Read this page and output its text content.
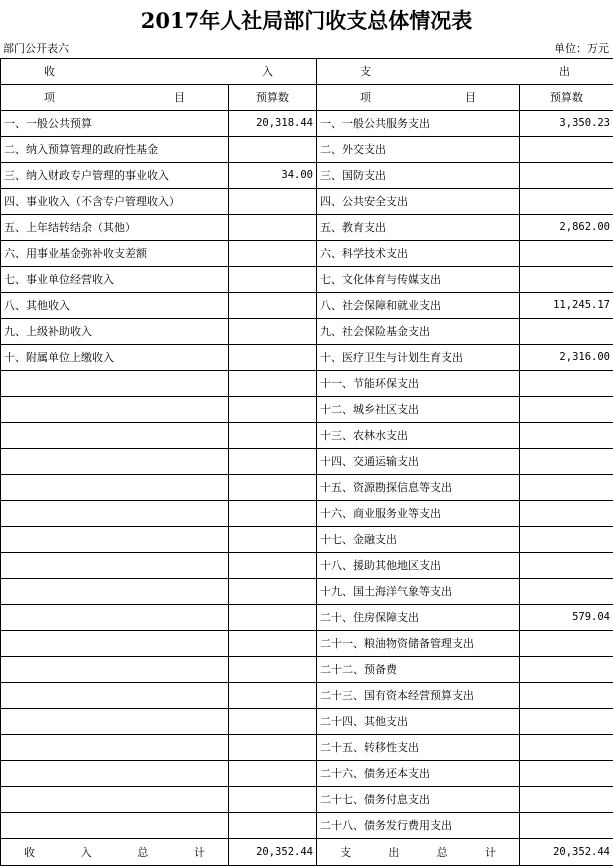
2017年人社局部门收支总体情况表
部门公开表六	单位：万元
收 入		支 出	

项 目	预算数	项 目	预算数
一、一般公共预算	20,318.44	一、一般公共服务支出	3,350.23
二、纳入预算管理的政府性基金		二、外交支出	
三、纳入财政专户管理的事业收入	34.00	三、国防支出	
四、事业收入（不含专户管理收入）		四、公共安全支出	
五、上年结转结余（其他）		五、教育支出	2,862.00
六、用事业基金弥补收支差额		六、科学技术支出	
七、事业单位经营收入		七、文化体育与传媒支出	
八、其他收入		八、社会保障和就业支出	11,245.17
九、上级补助收入		九、社会保险基金支出	
十、附属单位上缴收入		十、医疗卫生与计划生育支出	2,316.00
		十一、节能环保支出	
		十二、城乡社区支出	
		十三、农林水支出	
		十四、交通运输支出	
		十五、资源勘探信息等支出	
		十六、商业服务业等支出	
		十七、金融支出	
		十八、援助其他地区支出	
		十九、国土海洋气象等支出	
		二十、住房保障支出	579.04
		二十一、粮油物资储备管理支出	
		二十二、预备费	
		二十三、国有资本经营预算支出	
		二十四、其他支出	
		二十五、转移性支出	
		二十六、债务还本支出	
		二十七、债务付息支出	
		二十八、债务发行费用支出	

收 入 总 计	20,352.44	支 出 总 计	20,352.44
